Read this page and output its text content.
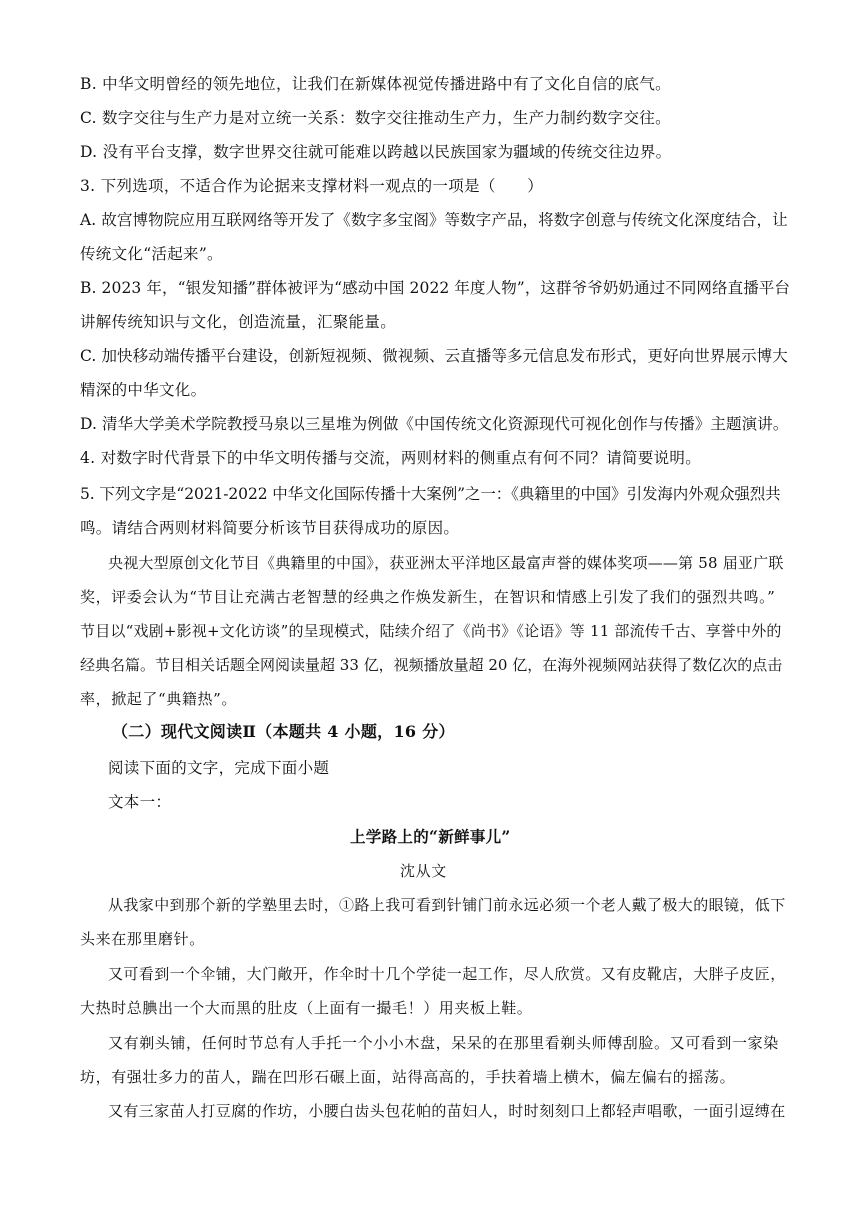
B. 中华文明曾经的领先地位，让我们在新媒体视觉传播进路中有了文化自信的底气。
C. 数字交往与生产力是对立统一关系：数字交往推动生产力，生产力制约数字交往。
D. 没有平台支撑，数字世界交往就可能难以跨越以民族国家为疆域的传统交往边界。
3. 下列选项，不适合作为论据来支撑材料一观点的一项是（　　）
A. 故宫博物院应用互联网络等开发了《数字多宝阁》等数字产品，将数字创意与传统文化深度结合，让
传统文化“活起来”。
B. 2023 年，“银发知播”群体被评为“感动中国 2022 年度人物”，这群爷爷奶奶通过不同网络直播平台
讲解传统知识与文化，创造流量，汇聚能量。
C. 加快移动端传播平台建设，创新短视频、微视频、云直播等多元信息发布形式，更好向世界展示博大
精深的中华文化。
D. 清华大学美术学院教授马泉以三星堆为例做《中国传统文化资源现代可视化创作与传播》主题演讲。
4. 对数字时代背景下的中华文明传播与交流，两则材料的侧重点有何不同？请简要说明。
5. 下列文字是“2021-2022 中华文化国际传播十大案例”之一：《典籍里的中国》引发海内外观众强烈共
鸣。请结合两则材料简要分析该节目获得成功的原因。
央视大型原创文化节目《典籍里的中国》，获亚洲太平洋地区最富声誉的媒体奖项——第 58 届亚广联
奖，评委会认为“节目让充满古老智慧的经典之作焕发新生，在智识和情感上引发了我们的强烈共鸣。”
节目以“戏剧+影视+文化访谈”的呈现模式，陆续介绍了《尚书》《论语》等 11 部流传千古、享誉中外的
经典名篇。节目相关话题全网阅读量超 33 亿，视频播放量超 20 亿，在海外视频网站获得了数亿次的点击
率，掀起了“典籍热”。
（二）现代文阅读Ⅱ（本题共 4 小题，16 分）
阅读下面的文字，完成下面小题
文本一：
上学路上的“新鲜事儿”
沈从文
从我家中到那个新的学塾里去时，①路上我可看到针铺门前永远必须一个老人戴了极大的眼镜，低下
头来在那里磨针。
又可看到一个伞铺，大门敞开，作伞时十几个学徒一起工作，尽人欣赏。又有皮靴店，大胖子皮匠，
大热时总腆出一个大而黑的肚皮（上面有一撮毛！）用夹板上鞋。
又有剃头铺，任何时节总有人手托一个小小木盘，呆呆的在那里看剃头师傅刮脸。又可看到一家染
坊，有强壮多力的苗人，踹在凹形石碾上面，站得高高的，手扶着墙上横木，偏左偏右的摇荡。
又有三家苗人打豆腐的作坊，小腰白齿头包花帕的苗妇人，时时刻刻口上都轻声唱歌，一面引逗缚在
